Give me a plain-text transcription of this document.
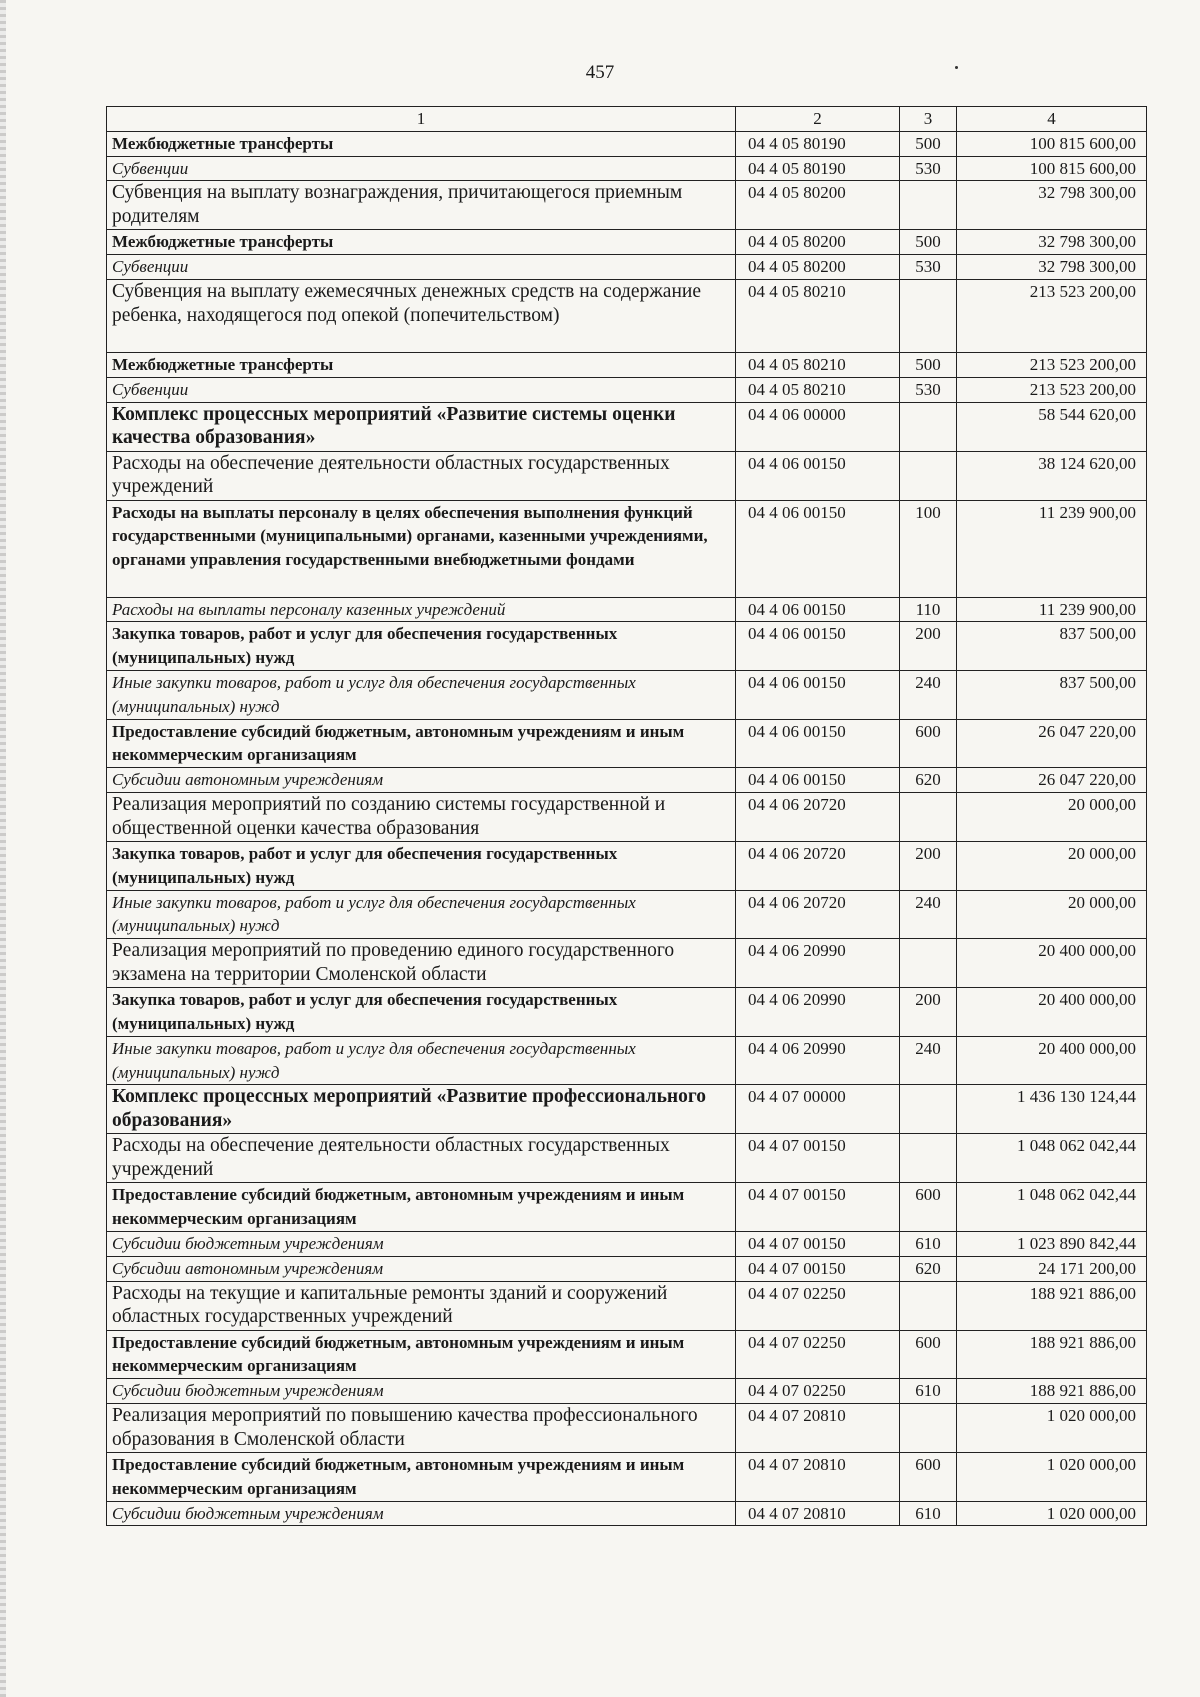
457
1	2	3	4
Межбюджетные трансферты	04 4 05 80190	500	100 815 600,00
Субвенции	04 4 05 80190	530	100 815 600,00
Субвенция на выплату вознаграждения, причитающегося приемным родителям	04 4 05 80200		32 798 300,00
Межбюджетные трансферты	04 4 05 80200	500	32 798 300,00
Субвенции	04 4 05 80200	530	32 798 300,00
Субвенция на выплату ежемесячных денежных средств на содержание ребенка, находящегося под опекой (попечительством)	04 4 05 80210		213 523 200,00
Межбюджетные трансферты	04 4 05 80210	500	213 523 200,00
Субвенции	04 4 05 80210	530	213 523 200,00
Комплекс процессных мероприятий «Развитие системы оценки качества образования»	04 4 06 00000		58 544 620,00
Расходы на обеспечение деятельности областных государственных учреждений	04 4 06 00150		38 124 620,00
Расходы на выплаты персоналу в целях обеспечения выполнения функций государственными (муниципальными) органами, казенными учреждениями, органами управления государственными внебюджетными фондами	04 4 06 00150	100	11 239 900,00
Расходы на выплаты персоналу казенных учреждений	04 4 06 00150	110	11 239 900,00
Закупка товаров, работ и услуг для обеспечения государственных (муниципальных) нужд	04 4 06 00150	200	837 500,00
Иные закупки товаров, работ и услуг для обеспечения государственных (муниципальных) нужд	04 4 06 00150	240	837 500,00
Предоставление субсидий бюджетным, автономным учреждениям и иным некоммерческим организациям	04 4 06 00150	600	26 047 220,00
Субсидии автономным учреждениям	04 4 06 00150	620	26 047 220,00
Реализация мероприятий по созданию системы государственной и общественной оценки качества образования	04 4 06 20720		20 000,00
Закупка товаров, работ и услуг для обеспечения государственных (муниципальных) нужд	04 4 06 20720	200	20 000,00
Иные закупки товаров, работ и услуг для обеспечения государственных (муниципальных) нужд	04 4 06 20720	240	20 000,00
Реализация мероприятий по проведению единого государственного экзамена на территории Смоленской области	04 4 06 20990		20 400 000,00
Закупка товаров, работ и услуг для обеспечения государственных (муниципальных) нужд	04 4 06 20990	200	20 400 000,00
Иные закупки товаров, работ и услуг для обеспечения государственных (муниципальных) нужд	04 4 06 20990	240	20 400 000,00
Комплекс процессных мероприятий «Развитие профессионального образования»	04 4 07 00000		1 436 130 124,44
Расходы на обеспечение деятельности областных государственных учреждений	04 4 07 00150		1 048 062 042,44
Предоставление субсидий бюджетным, автономным учреждениям и иным некоммерческим организациям	04 4 07 00150	600	1 048 062 042,44
Субсидии бюджетным учреждениям	04 4 07 00150	610	1 023 890 842,44
Субсидии автономным учреждениям	04 4 07 00150	620	24 171 200,00
Расходы на текущие и капитальные ремонты зданий и сооружений областных государственных учреждений	04 4 07 02250		188 921 886,00
Предоставление субсидий бюджетным, автономным учреждениям и иным некоммерческим организациям	04 4 07 02250	600	188 921 886,00
Субсидии бюджетным учреждениям	04 4 07 02250	610	188 921 886,00
Реализация мероприятий по повышению качества профессионального образования в Смоленской области	04 4 07 20810		1 020 000,00
Предоставление субсидий бюджетным, автономным учреждениям и иным некоммерческим организациям	04 4 07 20810	600	1 020 000,00
Субсидии бюджетным учреждениям	04 4 07 20810	610	1 020 000,00
